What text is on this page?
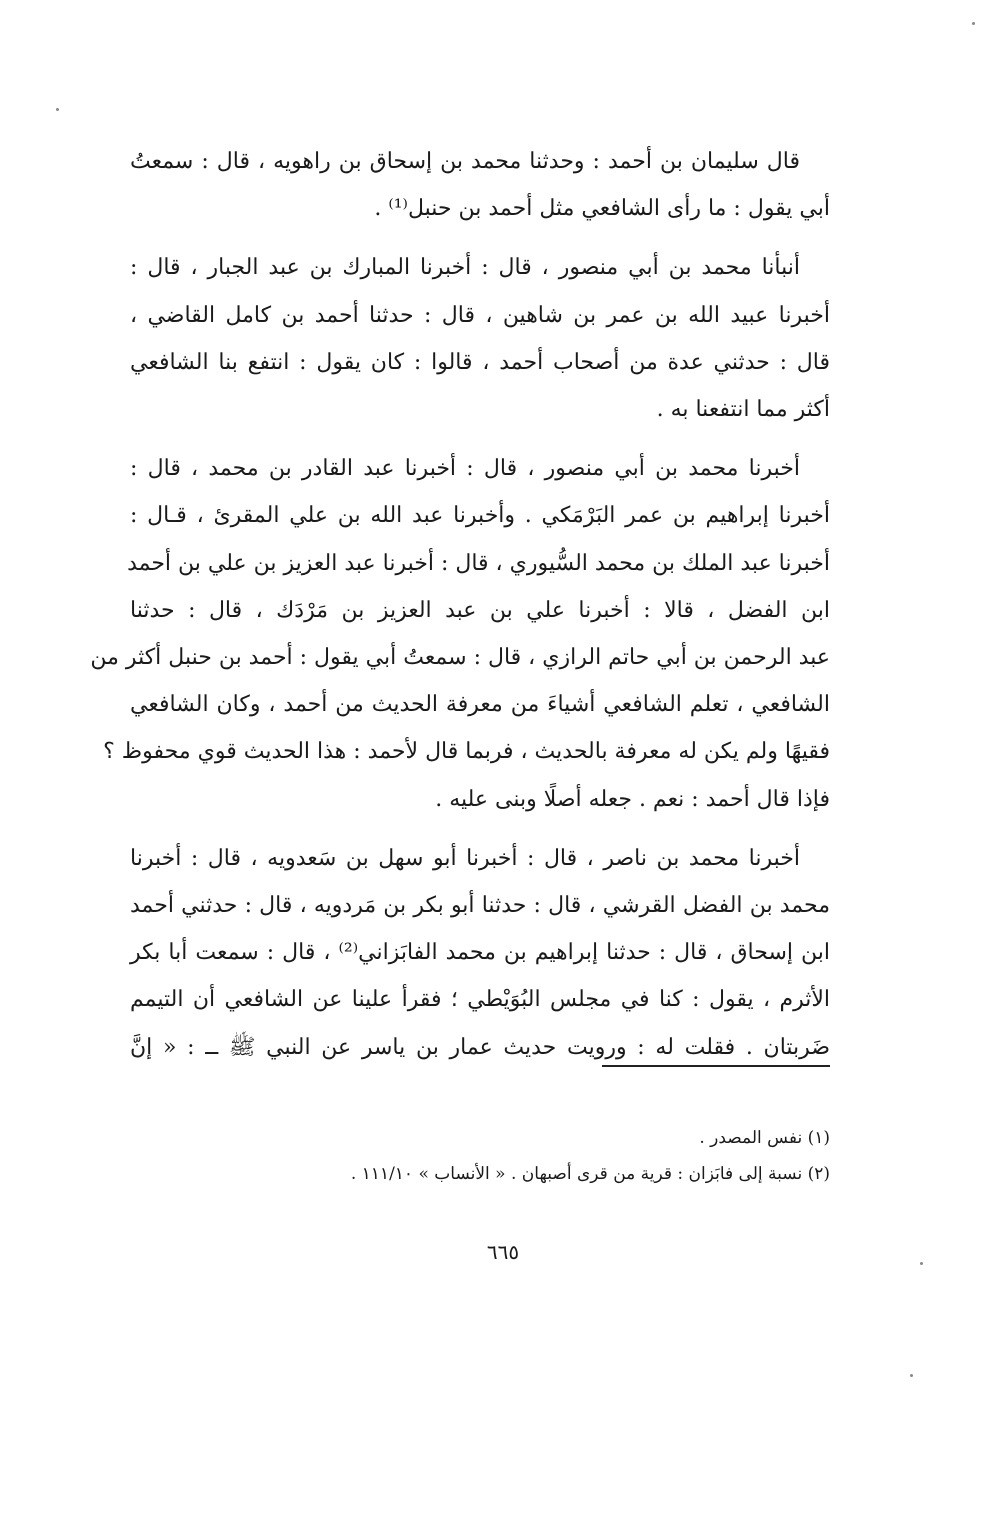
قال سليمان بن أحمد : وحدثنا محمد بن إسحاق بن راهويه ، قال : سمعتُ
أبي يقول : ما رأى الشافعي مثل أحمد بن حنبل⁽¹⁾ .

أنبأنا محمد بن أبي منصور ، قال : أخبرنا المبارك بن عبد الجبار ، قال :
أخبرنا عبيد الله بن عمر بن شاهين ، قال : حدثنا أحمد بن كامل القاضي ،
قال : حدثني عدة من أصحاب أحمد ، قالوا : كان يقول : انتفع بنا الشافعي
أكثر مما انتفعنا به .

أخبرنا محمد بن أبي منصور ، قال : أخبرنا عبد القادر بن محمد ، قال :
أخبرنا إبراهيم بن عمر البَرْمَكي . وأخبرنا عبد الله بن علي المقرئ ، قـال :
أخبرنا عبد الملك بن محمد السُّيوري ، قال : أخبرنا عبد العزيز بن علي بن أحمد
ابن الفضل ، قالا : أخبرنا علي بن عبد العزيز بن مَرْدَك ، قال : حدثنا
عبد الرحمن بن أبي حاتم الرازي ، قال : سمعتُ أبي يقول : أحمد بن حنبل أكثر من
الشافعي ، تعلم الشافعي أشياءَ من معرفة الحديث من أحمد ، وكان الشافعي
فقيهًا ولم يكن له معرفة بالحديث ، فربما قال لأحمد : هذا الحديث قوي محفوظ ؟
فإذا قال أحمد : نعم . جعله أصلًا وبنى عليه .

أخبرنا محمد بن ناصر ، قال : أخبرنا أبو سهل بن سَعدويه ، قال : أخبرنا
محمد بن الفضل القرشي ، قال : حدثنا أبو بكر بن مَردويه ، قال : حدثني أحمد
ابن إسحاق ، قال : حدثنا إبراهيم بن محمد الفابَزاني⁽²⁾ ، قال : سمعت أبا بكر
الأثرم ، يقول : كنا في مجلس البُوَيْطي ؛ فقرأ علينا عن الشافعي أن التيمم
ضَربتان . فقلت له : ورويت حديث عمار بن ياسر عن النبي ﷺ ــ : « إنَّ

(١) نفس المصدر .
(٢) نسبة إلى فابَزان : قرية من قرى أصبهان . « الأنساب » ١١١/١٠ .
٦٦٥
